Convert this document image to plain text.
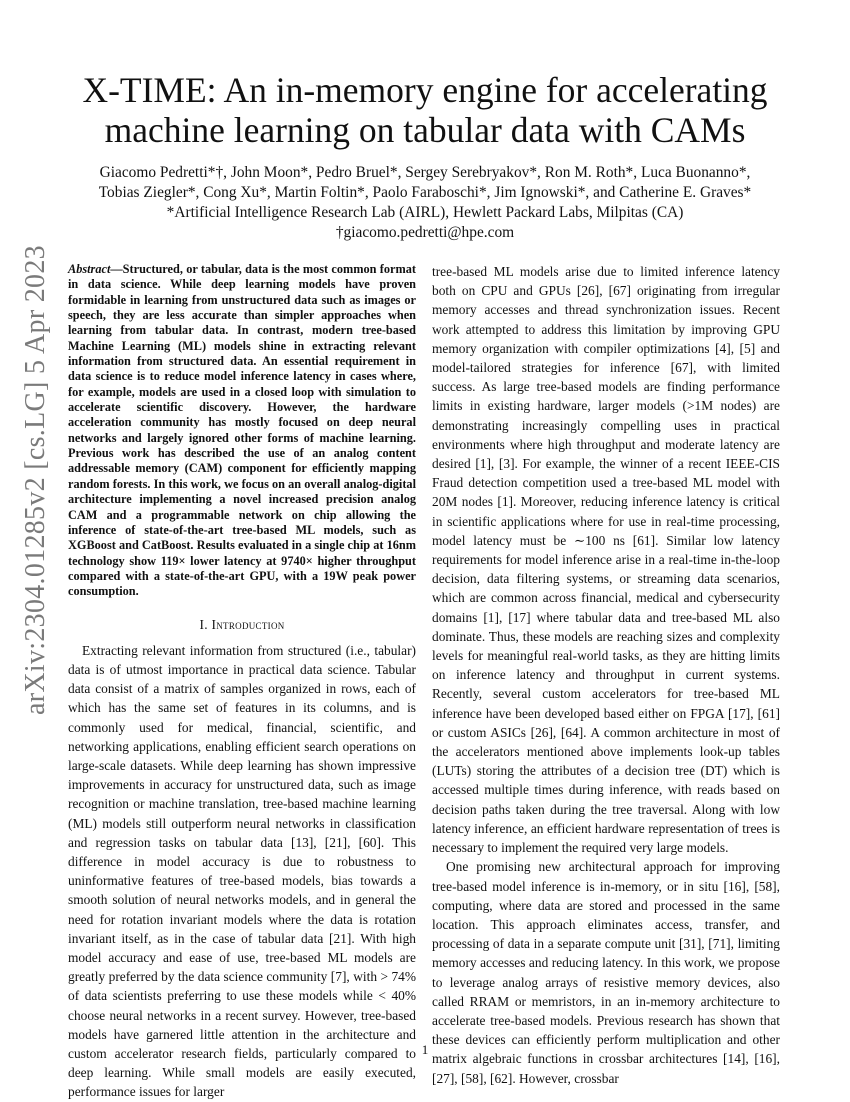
arXiv:2304.01285v2 [cs.LG] 5 Apr 2023
X-TIME: An in-memory engine for accelerating
machine learning on tabular data with CAMs
Giacomo Pedretti*†, John Moon*, Pedro Bruel*, Sergey Serebryakov*, Ron M. Roth*, Luca Buonanno*,
Tobias Ziegler*, Cong Xu*, Martin Foltin*, Paolo Faraboschi*, Jim Ignowski*, and Catherine E. Graves*
*Artificial Intelligence Research Lab (AIRL), Hewlett Packard Labs, Milpitas (CA)
†giacomo.pedretti@hpe.com

Abstract—Structured, or tabular, data is the most common format in data science. While deep learning models have proven formidable in learning from unstructured data such as images or speech, they are less accurate than simpler approaches when learning from tabular data. In contrast, modern tree-based Machine Learning (ML) models shine in extracting relevant information from structured data. An essential requirement in data science is to reduce model inference latency in cases where, for example, models are used in a closed loop with simulation to accelerate scientific discovery. However, the hardware acceleration community has mostly focused on deep neural networks and largely ignored other forms of machine learning. Previous work has described the use of an analog content addressable memory (CAM) component for efficiently mapping random forests. In this work, we focus on an overall analog-digital architecture implementing a novel increased precision analog CAM and a programmable network on chip allowing the inference of state-of-the-art tree-based ML models, such as XGBoost and CatBoost. Results evaluated in a single chip at 16nm technology show 119× lower latency at 9740× higher throughput compared with a state-of-the-art GPU, with a 19W peak power consumption.

I. Introduction

Extracting relevant information from structured (i.e., tabular) data is of utmost importance in practical data science. Tabular data consist of a matrix of samples organized in rows, each of which has the same set of features in its columns, and is commonly used for medical, financial, scientific, and networking applications, enabling efficient search operations on large-scale datasets. While deep learning has shown impressive improvements in accuracy for unstructured data, such as image recognition or machine translation, tree-based machine learning (ML) models still outperform neural networks in classification and regression tasks on tabular data [13], [21], [60]. This difference in model accuracy is due to robustness to uninformative features of tree-based models, bias towards a smooth solution of neural networks models, and in general the need for rotation invariant models where the data is rotation invariant itself, as in the case of tabular data [21]. With high model accuracy and ease of use, tree-based ML models are greatly preferred by the data science community [7], with > 74% of data scientists preferring to use these models while < 40% choose neural networks in a recent survey. However, tree-based models have garnered little attention in the architecture and custom accelerator research fields, particularly compared to deep learning. While small models are easily executed, performance issues for larger

tree-based ML models arise due to limited inference latency both on CPU and GPUs [26], [67] originating from irregular memory accesses and thread synchronization issues. Recent work attempted to address this limitation by improving GPU memory organization with compiler optimizations [4], [5] and model-tailored strategies for inference [67], with limited success. As large tree-based models are finding performance limits in existing hardware, larger models (>1M nodes) are demonstrating increasingly compelling uses in practical environments where high throughput and moderate latency are desired [1], [3]. For example, the winner of a recent IEEE-CIS Fraud detection competition used a tree-based ML model with 20M nodes [1]. Moreover, reducing inference latency is critical in scientific applications where for use in real-time processing, model latency must be ∼100 ns [61]. Similar low latency requirements for model inference arise in a real-time in-the-loop decision, data filtering systems, or streaming data scenarios, which are common across financial, medical and cybersecurity domains [1], [17] where tabular data and tree-based ML also dominate. Thus, these models are reaching sizes and complexity levels for meaningful real-world tasks, as they are hitting limits on inference latency and throughput in current systems. Recently, several custom accelerators for tree-based ML inference have been developed based either on FPGA [17], [61] or custom ASICs [26], [64]. A common architecture in most of the accelerators mentioned above implements look-up tables (LUTs) storing the attributes of a decision tree (DT) which is accessed multiple times during inference, with reads based on decision paths taken during the tree traversal. Along with low latency inference, an efficient hardware representation of trees is necessary to implement the required very large models.

One promising new architectural approach for improving tree-based model inference is in-memory, or in situ [16], [58], computing, where data are stored and processed in the same location. This approach eliminates access, transfer, and processing of data in a separate compute unit [31], [71], limiting memory accesses and reducing latency. In this work, we propose to leverage analog arrays of resistive memory devices, also called RRAM or memristors, in an in-memory architecture to accelerate tree-based models. Previous research has shown that these devices can efficiently perform multiplication and other matrix algebraic functions in crossbar architectures [14], [16], [27], [58], [62]. However, crossbar

1
